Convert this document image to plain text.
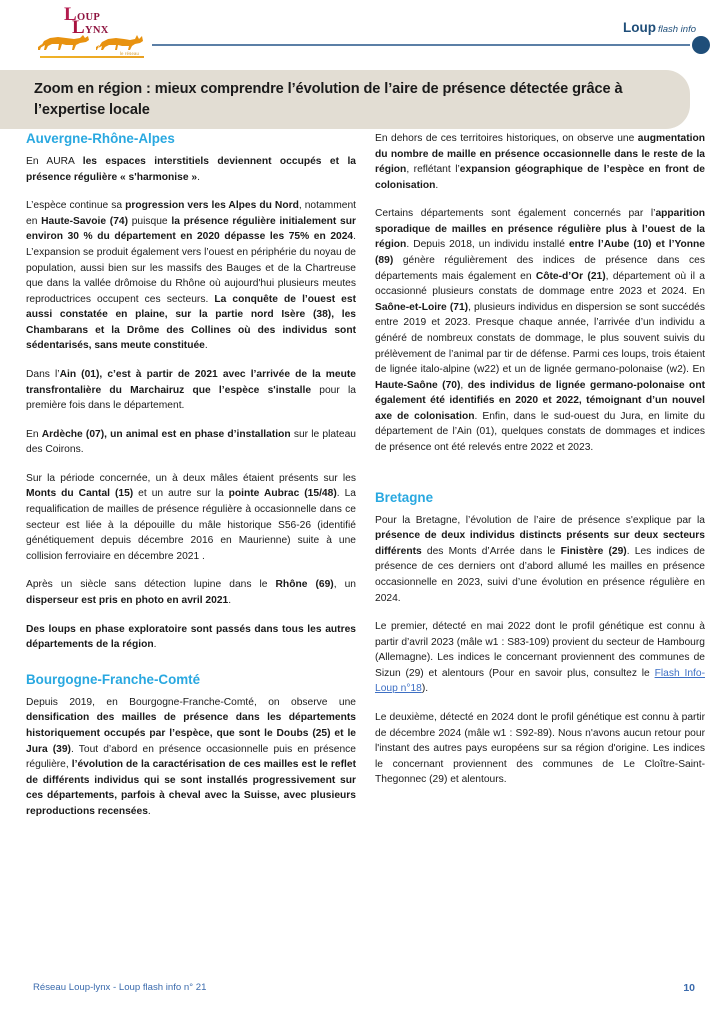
LOUP
LYNX
le réseau
Loup flash info
Zoom en région : mieux comprendre l’évolution de l’aire de présence détectée grâce à l’expertise locale
Auvergne-Rhône-Alpes

En AURA les espaces interstitiels deviennent occupés et la présence régulière « s'harmonise ».

L’espèce continue sa progression vers les Alpes du Nord, notamment en Haute-Savoie (74) puisque la présence régulière initialement sur environ 30 % du département en 2020 dépasse les 75% en 2024. L’expansion se produit également vers l’ouest en périphérie du noyau de population, aussi bien sur les massifs des Bauges et de la Chartreuse que dans la vallée drômoise du Rhône où aujourd'hui plusieurs meutes reproductrices occupent ces secteurs. La conquête de l’ouest est aussi constatée en plaine, sur la partie nord Isère (38), les Chambarans et la Drôme des Collines où des individus sont sédentarisés, sans meute constituée.

Dans l’Ain (01), c’est à partir de 2021 avec l’arrivée de la meute transfrontalière du Marchairuz que l’espèce s'installe pour la première fois dans le département.

En Ardèche (07), un animal est en phase d’installation sur le plateau des Coirons.

Sur la période concernée, un à deux mâles étaient présents sur les Monts du Cantal (15) et un autre sur la pointe Aubrac (15/48). La requalification de mailles de présence régulière à occasionnelle dans ce secteur est liée à la dépouille du mâle historique S56-26 (identifié génétiquement depuis décembre 2016 en Maurienne) suite à une collision ferroviaire en décembre 2021 .

Après un siècle sans détection lupine dans le Rhône (69), un disperseur est pris en photo en avril 2021.

Des loups en phase exploratoire sont passés dans tous les autres départements de la région.

Bourgogne-Franche-Comté

Depuis 2019, en Bourgogne-Franche-Comté, on observe une densification des mailles de présence dans les départements historiquement occupés par l’espèce, que sont le Doubs (25) et le Jura (39). Tout d’abord en présence occasionnelle puis en présence régulière, l’évolution de la caractérisation de ces mailles est le reflet de différents individus qui se sont installés progressivement sur ces départements, parfois à cheval avec la Suisse, avec plusieurs reproductions recensées.

En dehors de ces territoires historiques, on observe une augmentation du nombre de maille en présence occasionnelle dans le reste de la région, reflétant l’expansion géographique de l’espèce en front de colonisation.

Certains départements sont également concernés par l’apparition sporadique de mailles en présence régulière plus à l’ouest de la région. Depuis 2018, un individu installé entre l’Aube (10) et l’Yonne (89) génère régulièrement des indices de présence dans ces départements mais également en Côte-d’Or (21), département où il a occasionné plusieurs constats de dommage entre 2023 et 2024. En Saône-et-Loire (71), plusieurs individus en dispersion se sont succédés entre 2019 et 2023. Presque chaque année, l’arrivée d’un individu a généré de nombreux constats de dommage, le plus souvent suivis du prélèvement de l’animal par tir de défense. Parmi ces loups, trois étaient de lignée italo-alpine (w22) et un de lignée germano-polonaise (w2). En Haute-Saône (70), des individus de lignée germano-polonaise ont également été identifiés en 2020 et 2022, témoignant d’un nouvel axe de colonisation. Enfin, dans le sud-ouest du Jura, en limite du département de l’Ain (01), quelques constats de dommages et indices de présence ont été relevés entre 2022 et 2023.

Bretagne

Pour la Bretagne, l’évolution de l’aire de présence s'explique par la présence de deux individus distincts présents sur deux secteurs différents des Monts d’Arrée dans le Finistère (29). Les indices de présence de ces derniers ont d’abord allumé les mailles en présence occasionnelle en 2023, suivi d’une évolution en présence régulière en 2024.

Le premier, détecté en mai 2022 dont le profil génétique est connu à partir d’avril 2023 (mâle w1 : S83-109) provient du secteur de Hambourg (Allemagne). Les indices le concernant proviennent des communes de Sizun (29) et alentours (Pour en savoir plus, consultez le Flash Info-Loup n°18).

Le deuxième, détecté en 2024 dont le profil génétique est connu à partir de décembre 2024 (mâle w1 : S92-89). Nous n'avons aucun retour pour l'instant des autres pays européens sur sa région d'origine. Les indices le concernant proviennent des communes de Le Cloître-Saint-Thegonnec (29) et alentours.

Réseau Loup-lynx - Loup flash info n° 21	10
